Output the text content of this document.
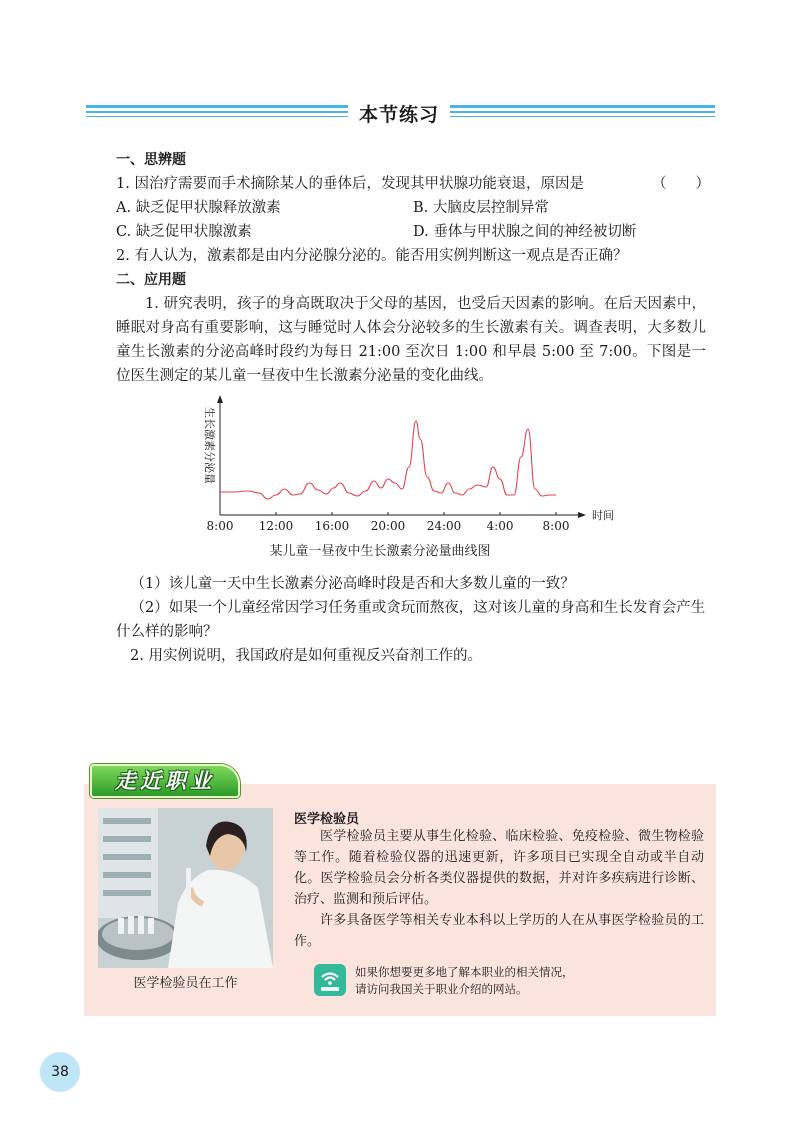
本节练习
一、思辨题
1. 因治疗需要而手术摘除某人的垂体后，发现其甲状腺功能衰退，原因是	（　　）
A. 缺乏促甲状腺释放激素	B. 大脑皮层控制异常
C. 缺乏促甲状腺激素	D. 垂体与甲状腺之间的神经被切断
2. 有人认为，激素都是由内分泌腺分泌的。能否用实例判断这一观点是否正确？
二、应用题
1. 研究表明，孩子的身高既取决于父母的基因，也受后天因素的影响。在后天因素中，睡眠对身高有重要影响，这与睡觉时人体会分泌较多的生长激素有关。调查表明，大多数儿童生长激素的分泌高峰时段约为每日 21:00 至次日 1:00 和早晨 5:00 至 7:00。下图是一位医生测定的某儿童一昼夜中生长激素分泌量的变化曲线。
8:00 12:00 16:00 20:00 24:00 4:00 8:00
时间
生长激素分泌量
某儿童一昼夜中生长激素分泌量曲线图
（1）该儿童一天中生长激素分泌高峰时段是否和大多数儿童的一致？
（2）如果一个儿童经常因学习任务重或贪玩而熬夜，这对该儿童的身高和生长发育会产生什么样的影响？
2. 用实例说明，我国政府是如何重视反兴奋剂工作的。
走近职业
医学检验员在工作
医学检验员
医学检验员主要从事生化检验、临床检验、免疫检验、微生物检验等工作。随着检验仪器的迅速更新，许多项目已实现全自动或半自动化。医学检验员会分析各类仪器提供的数据，并对许多疾病进行诊断、治疗、监测和预后评估。
许多具备医学等相关专业本科以上学历的人在从事医学检验员的工作。
如果你想要更多地了解本职业的相关情况，
请访问我国关于职业介绍的网站。
38
